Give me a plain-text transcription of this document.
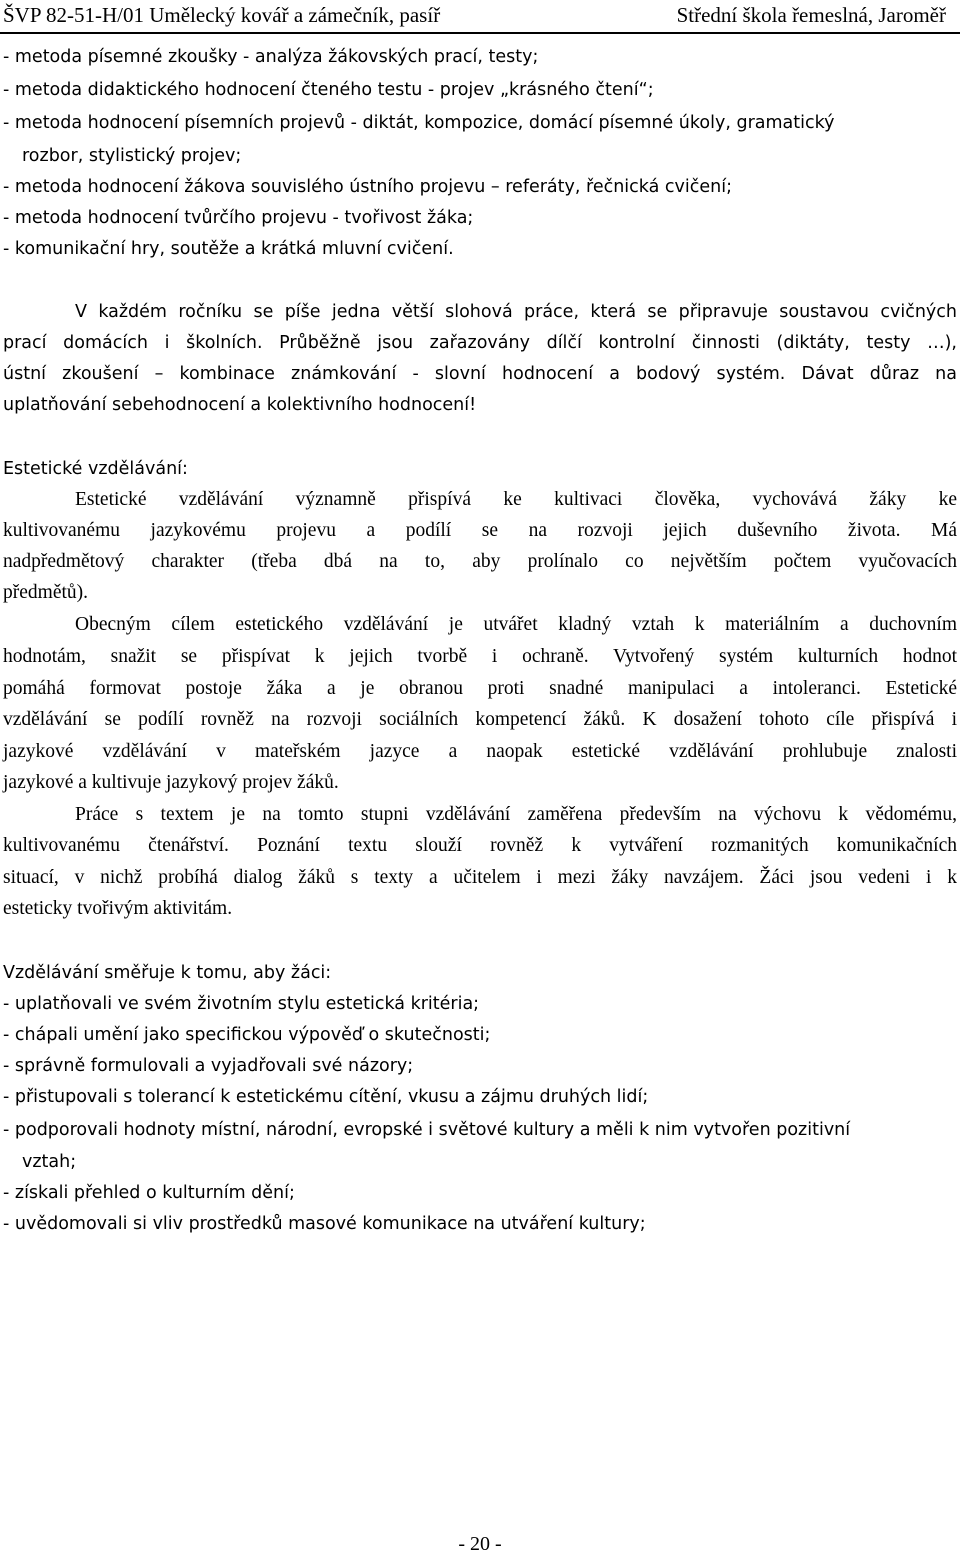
ŠVP 82-51-H/01 Umělecký kovář a zámečník, pasíř	Střední škola řemeslná, Jaroměř
- metoda písemné zkoušky - analýza žákovských prací, testy;
- metoda didaktického hodnocení čteného testu - projev „krásného čtení“;
- metoda hodnocení písemních projevů - diktát, kompozice, domácí písemné úkoly, gramatický
rozbor, stylistický projev;
- metoda hodnocení žákova souvislého ústního projevu – referáty, řečnická cvičení;
- metoda hodnocení tvůrčího projevu - tvořivost žáka;
- komunikační hry, soutěže a krátká mluvní cvičení.
V každém ročníku se píše jedna větší slohová práce, která se připravuje soustavou cvičných
prací domácích i školních. Průběžně jsou zařazovány dílčí kontrolní činnosti (diktáty, testy …),
ústní zkoušení – kombinace známkování - slovní hodnocení a bodový systém. Dávat důraz na
uplatňování sebehodnocení a kolektivního hodnocení!
Estetické vzdělávání:
Estetické vzdělávání významně přispívá ke kultivaci člověka, vychovává žáky ke
kultivovanému jazykovému projevu a podílí se na rozvoji jejich duševního života. Má
nadpředmětový charakter (třeba dbá na to, aby prolínalo co největším počtem vyučovacích
předmětů).
Obecným cílem estetického vzdělávání je utvářet kladný vztah k materiálním a duchovním
hodnotám, snažit se přispívat k jejich tvorbě i ochraně. Vytvořený systém kulturních hodnot
pomáhá formovat postoje žáka a je obranou proti snadné manipulaci a intoleranci. Estetické
vzdělávání se podílí rovněž na rozvoji sociálních kompetencí žáků. K dosažení tohoto cíle přispívá i
jazykové vzdělávání v mateřském jazyce a naopak estetické vzdělávání prohlubuje znalosti
jazykové a kultivuje jazykový projev žáků.
Práce s textem je na tomto stupni vzdělávání zaměřena především na výchovu k vědomému,
kultivovanému čtenářství. Poznání textu slouží rovněž k vytváření rozmanitých komunikačních
situací, v nichž probíhá dialog žáků s texty a učitelem i mezi žáky navzájem. Žáci jsou vedeni i k
esteticky tvořivým aktivitám.
Vzdělávání směřuje k tomu, aby žáci:
- uplatňovali ve svém životním stylu estetická kritéria;
- chápali umění jako specifickou výpověď o skutečnosti;
- správně formulovali a vyjadřovali své názory;
- přistupovali s tolerancí k estetickému cítění, vkusu a zájmu druhých lidí;
- podporovali hodnoty místní, národní, evropské i světové kultury a měli k nim vytvořen pozitivní
vztah;
- získali přehled o kulturním dění;
- uvědomovali si vliv prostředků masové komunikace na utváření kultury;
- 20 -
